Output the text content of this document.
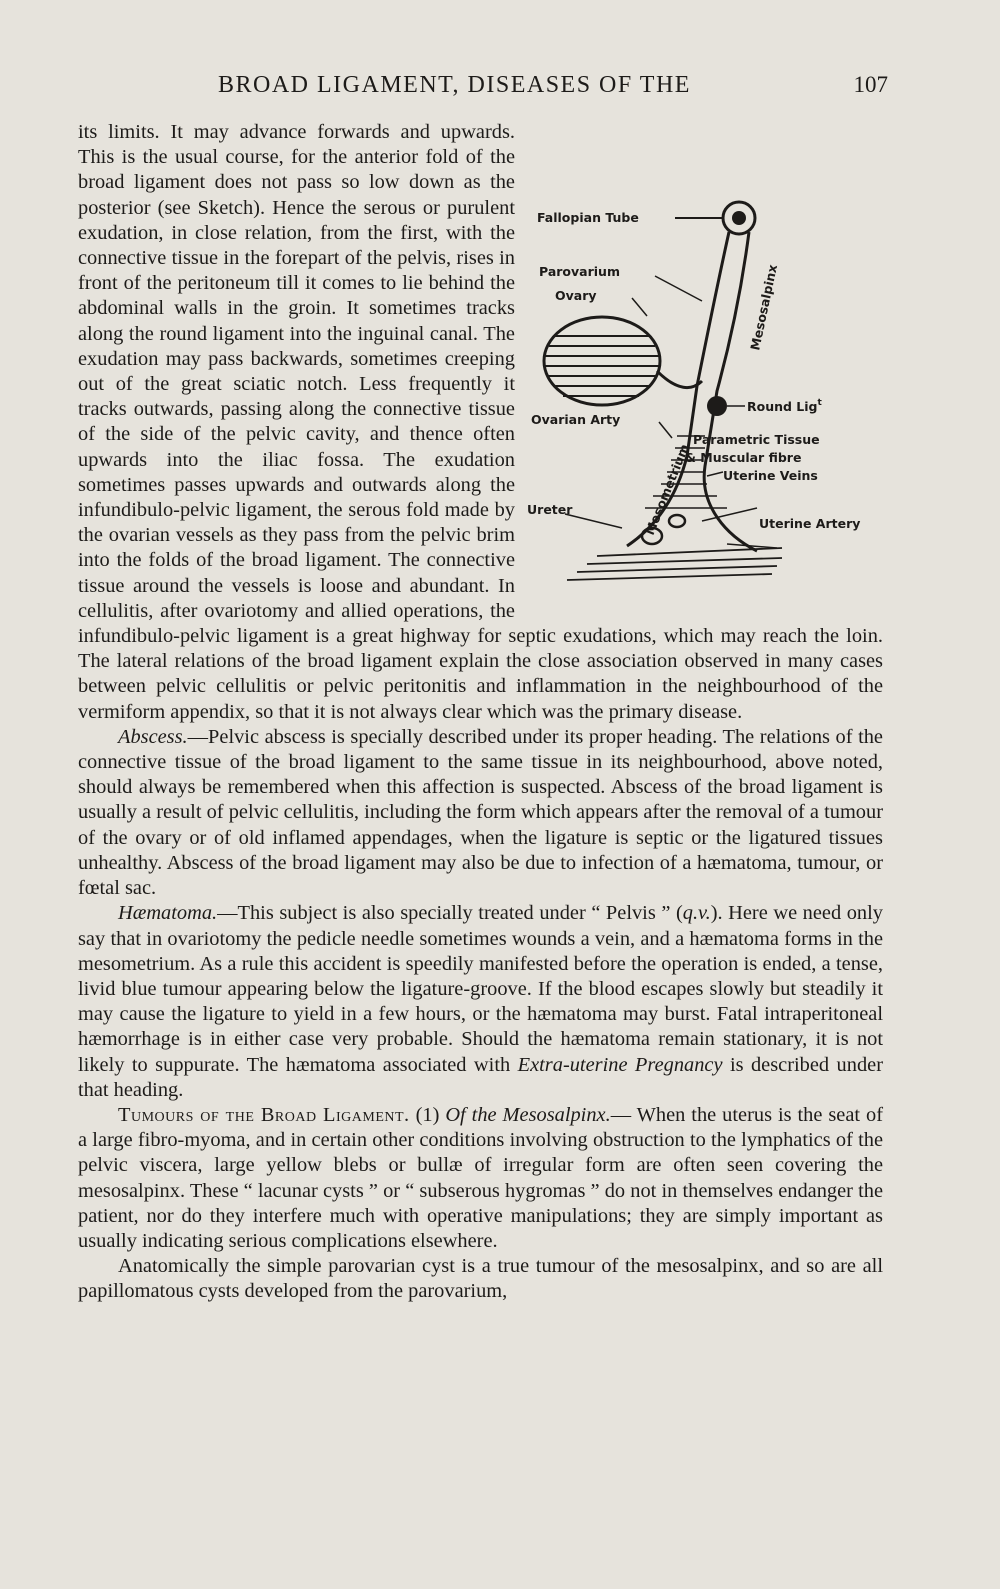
BROAD LIGAMENT, DISEASES OF THE	107
Fallopian Tube
Parovarium
Ovary	Mesosalpinx
Round Lig$^t$
Ovarian Arty
Parametric Tissue
& Muscular fibre
Uterine Veins
Ureter	Mesometrium	Uterine Artery

its limits. It may advance forwards and upwards. This is the usual course, for the anterior fold of the broad ligament does not pass so low down as the posterior (see Sketch). Hence the serous or purulent exudation, in close relation, from the first, with the connective tissue in the forepart of the pelvis, rises in front of the peritoneum till it comes to lie behind the abdominal walls in the groin. It sometimes tracks along the round ligament into the inguinal canal. The exudation may pass backwards, sometimes creeping out of the great sciatic notch. Less frequently it tracks outwards, passing along the connective tissue of the side of the pelvic cavity, and thence often upwards into the iliac fossa. The exudation sometimes passes upwards and outwards along the infundibulo-pelvic ligament, the serous fold made by the ovarian vessels as they pass from the pelvic brim into the folds of the broad ligament. The connective tissue around the vessels is loose and abundant. In cellulitis, after ovariotomy and allied operations, the infundibulo-pelvic ligament is a great highway for septic exudations, which may reach the loin. The lateral relations of the broad ligament explain the close association observed in many cases between pelvic cellulitis or pelvic peritonitis and inflammation in the neighbourhood of the vermiform appendix, so that it is not always clear which was the primary disease.

Abscess.—Pelvic abscess is specially described under its proper heading. The relations of the connective tissue of the broad ligament to the same tissue in its neighbourhood, above noted, should always be remembered when this affection is suspected. Abscess of the broad ligament is usually a result of pelvic cellulitis, including the form which appears after the removal of a tumour of the ovary or of old inflamed appendages, when the ligature is septic or the ligatured tissues unhealthy. Abscess of the broad ligament may also be due to infection of a hæmatoma, tumour, or fœtal sac.

Hæmatoma.—This subject is also specially treated under “ Pelvis ” (q.v.). Here we need only say that in ovariotomy the pedicle needle sometimes wounds a vein, and a hæmatoma forms in the mesometrium. As a rule this accident is speedily manifested before the operation is ended, a tense, livid blue tumour appearing below the ligature-groove. If the blood escapes slowly but steadily it may cause the ligature to yield in a few hours, or the hæmatoma may burst. Fatal intraperitoneal hæmorrhage is in either case very probable. Should the hæmatoma remain stationary, it is not likely to suppurate. The hæmatoma associated with Extra-uterine Pregnancy is described under that heading.

Tumours of the Broad Ligament. (1) Of the Mesosalpinx.— When the uterus is the seat of a large fibro-myoma, and in certain other conditions involving obstruction to the lymphatics of the pelvic viscera, large yellow blebs or bullæ of irregular form are often seen covering the mesosalpinx. These “ lacunar cysts ” or “ subserous hygromas ” do not in themselves endanger the patient, nor do they interfere much with operative manipulations; they are simply important as usually indicating serious complications elsewhere.

Anatomically the simple parovarian cyst is a true tumour of the mesosalpinx, and so are all papillomatous cysts developed from the parovarium,
